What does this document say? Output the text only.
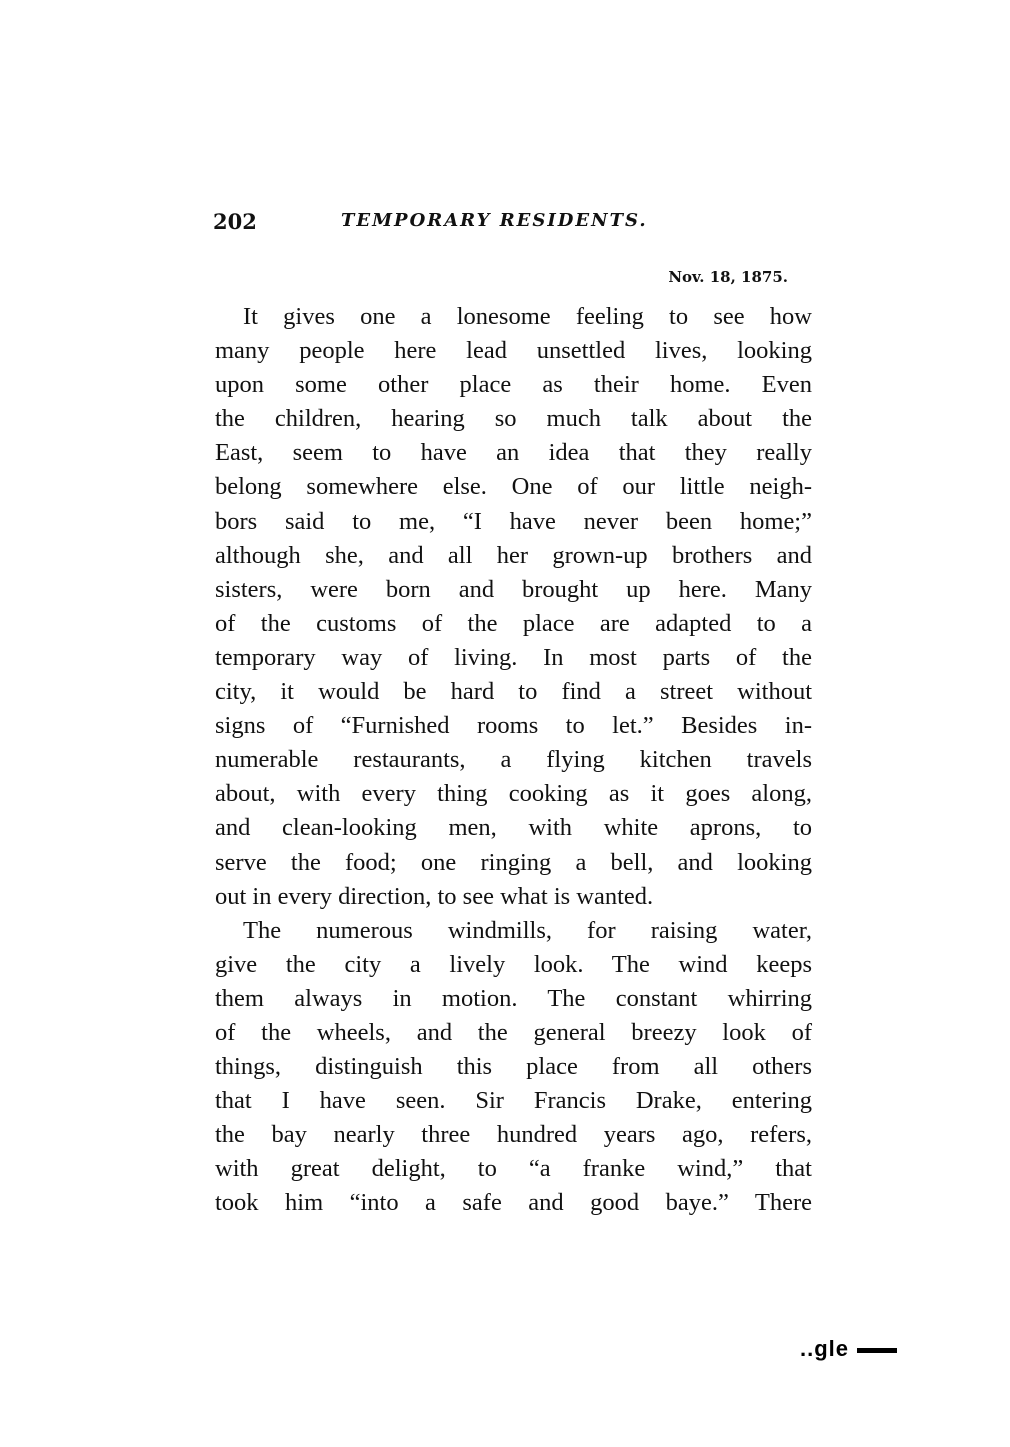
202	TEMPORARY RESIDENTS.
Nov. 18, 1875.
It gives one a lonesome feeling to see how
many people here lead unsettled lives, looking
upon some other place as their home. Even
the children, hearing so much talk about the
East, seem to have an idea that they really
belong somewhere else. One of our little neigh-
bors said to me, “I have never been home;”
although she, and all her grown-up brothers and
sisters, were born and brought up here. Many
of the customs of the place are adapted to a
temporary way of living. In most parts of the
city, it would be hard to find a street without
signs of “Furnished rooms to let.” Besides in-
numerable restaurants, a flying kitchen travels
about, with every thing cooking as it goes along,
and clean-looking men, with white aprons, to
serve the food; one ringing a bell, and looking
out in every direction, to see what is wanted.
The numerous windmills, for raising water,
give the city a lively look. The wind keeps
them always in motion. The constant whirring
of the wheels, and the general breezy look of
things, distinguish this place from all others
that I have seen. Sir Francis Drake, entering
the bay nearly three hundred years ago, refers,
with great delight, to “a franke wind,” that
took him “into a safe and good baye.” There
..gle
